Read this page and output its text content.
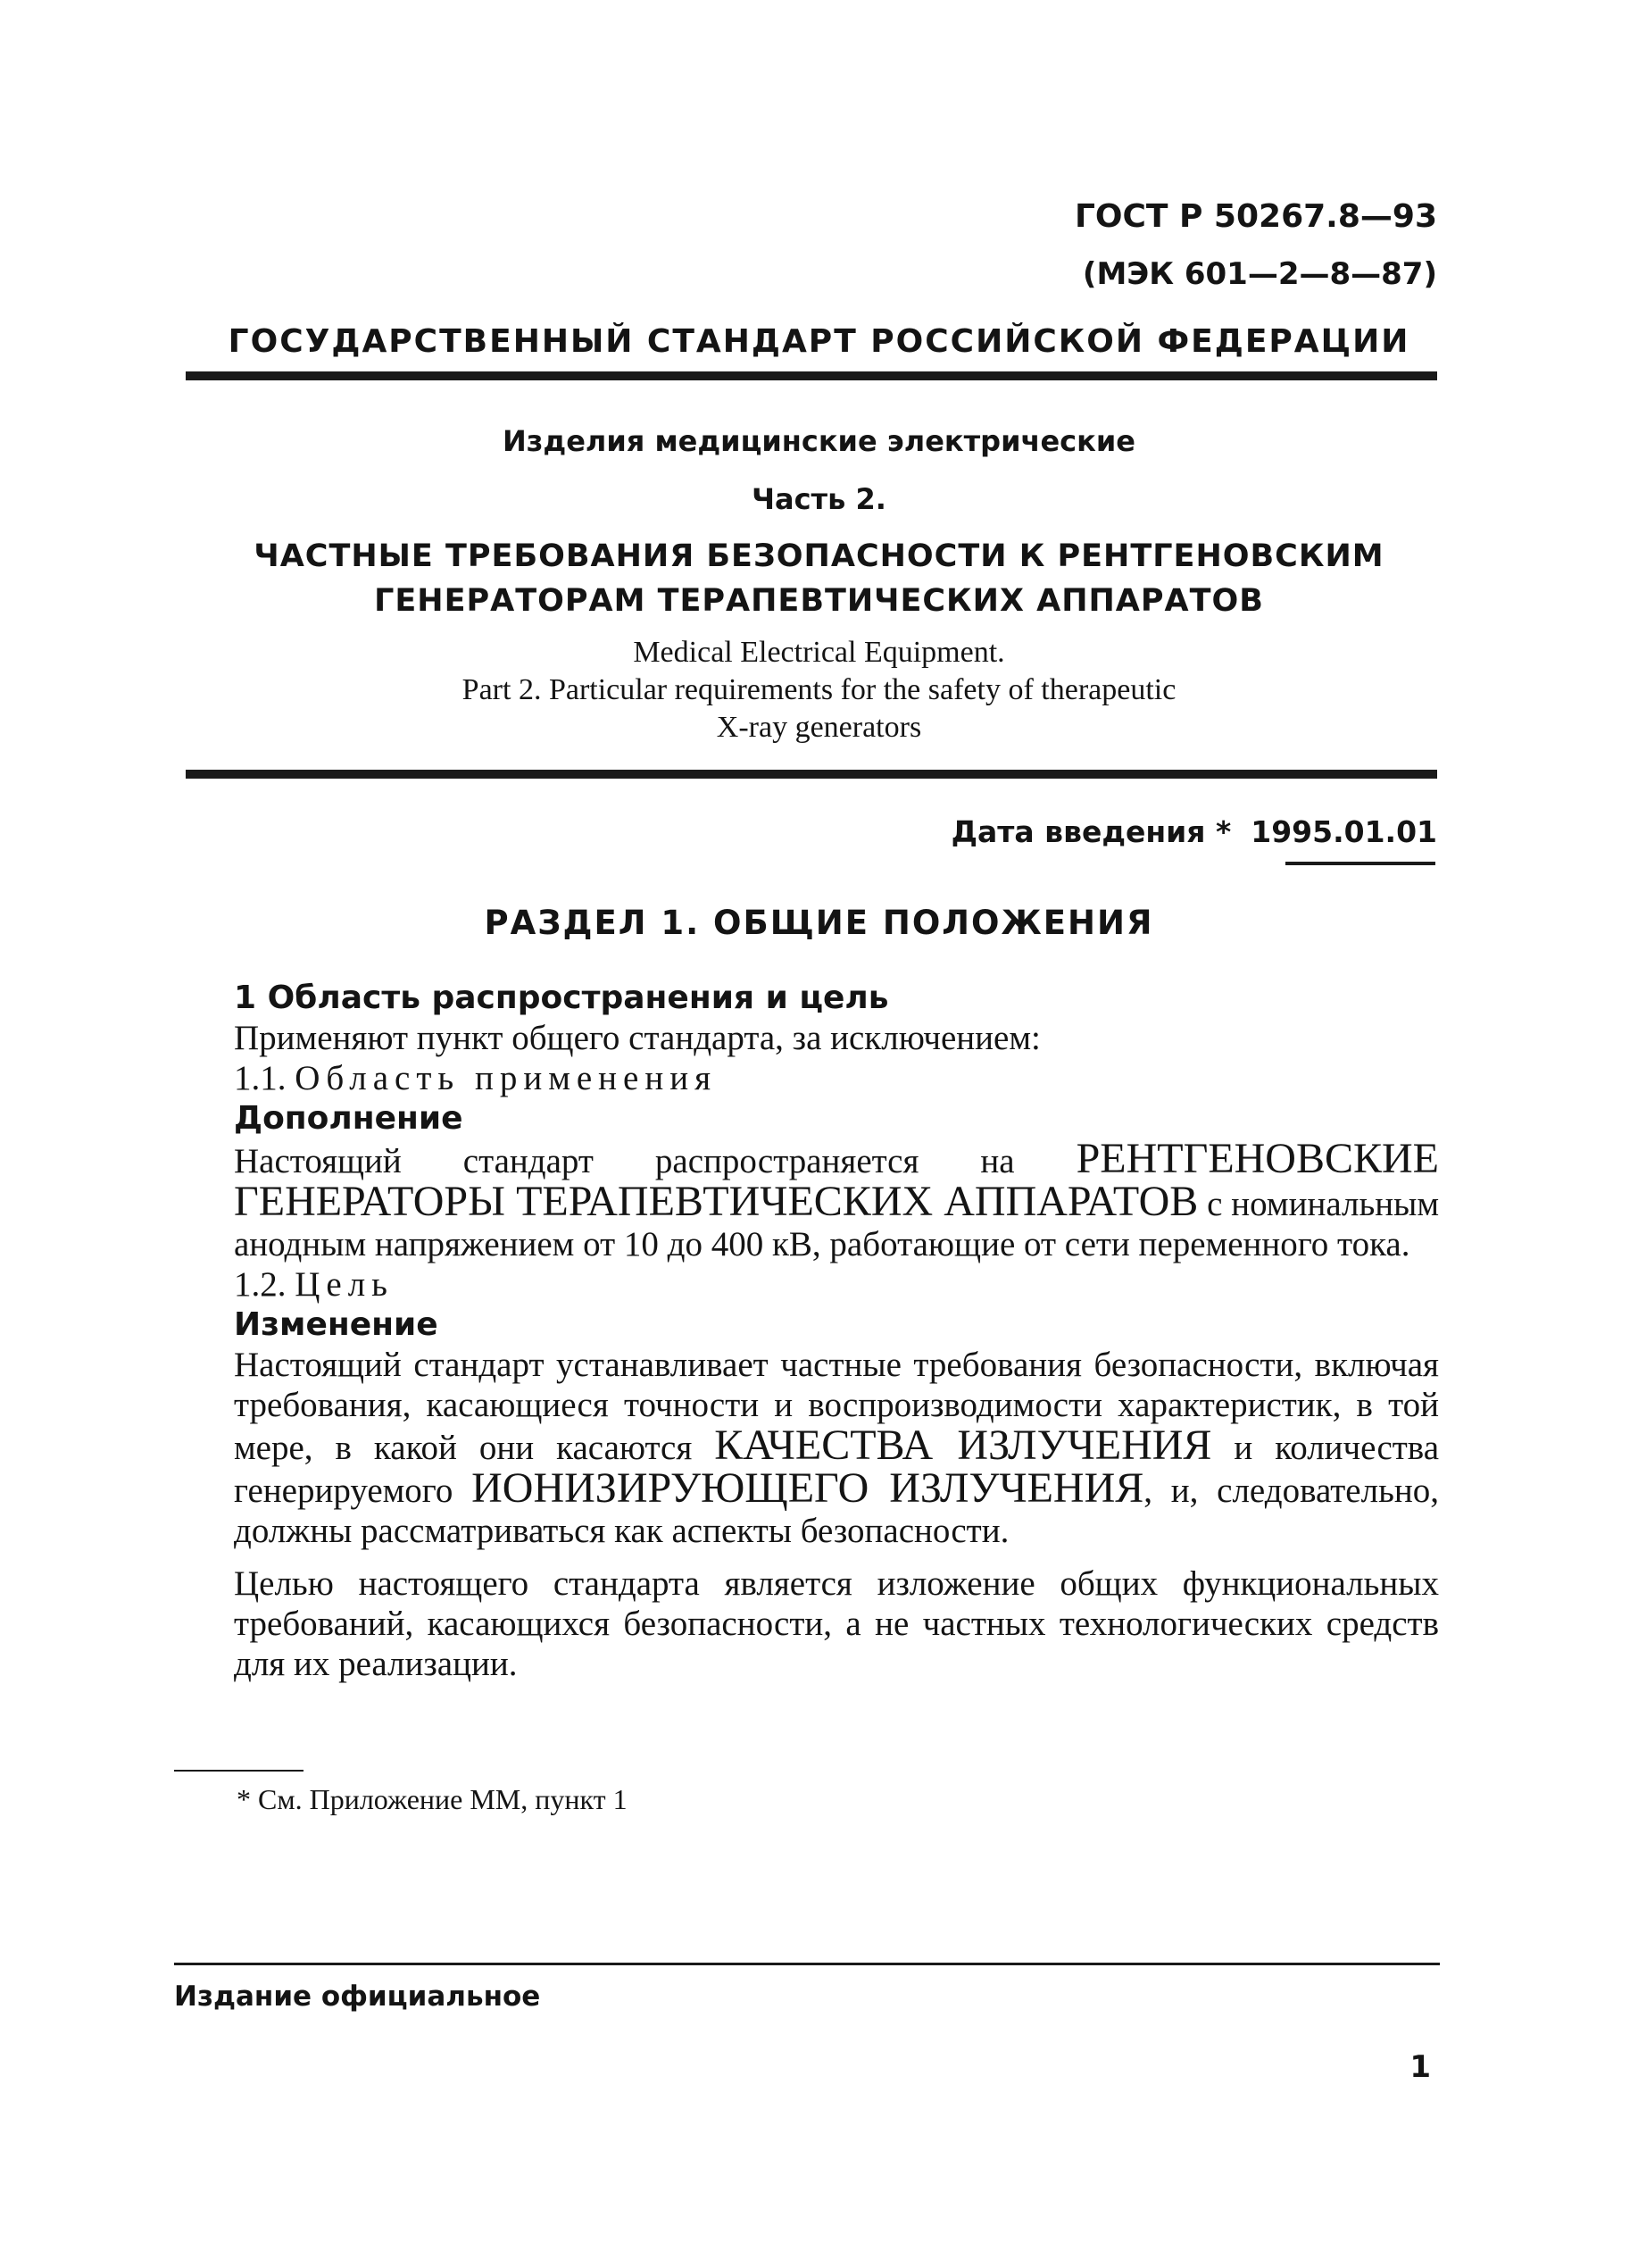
ГОСТ Р 50267.8—93
(МЭК 601—2—8—87)
ГОСУДАРСТВЕННЫЙ СТАНДАРТ РОССИЙСКОЙ ФЕДЕРАЦИИ
Изделия медицинские электрические
Часть 2.
ЧАСТНЫЕ ТРЕБОВАНИЯ БЕЗОПАСНОСТИ К РЕНТГЕНОВСКИМ
ГЕНЕРАТОРАМ ТЕРАПЕВТИЧЕСКИХ АППАРАТОВ
Medical Electrical Equipment.
Part 2. Particular requirements for the safety of therapeutic
X-ray generators
Дата введения * 1995.01.01
РАЗДЕЛ 1. ОБЩИЕ ПОЛОЖЕНИЯ

1 Область распространения и цель

Применяют пункт общего стандарта, за исключением:

1.1. Область применения

Дополнение

Настоящий стандарт распространяется на РЕНТГЕНОВСКИЕ ГЕНЕРАТОРЫ ТЕРАПЕВТИЧЕСКИХ АППАРАТОВ с номинальным анодным напряжением от 10 до 400 кВ, работающие от сети переменного тока.

1.2. Цель

Изменение

Настоящий стандарт устанавливает частные требования безопасности, включая требования, касающиеся точности и воспроизводимости характеристик, в той мере, в какой они касаются КАЧЕСТВА ИЗЛУЧЕНИЯ и количества генерируемого ИОНИЗИРУЮЩЕГО ИЗЛУЧЕНИЯ, и, следовательно, должны рассматриваться как аспекты безопасности.

Целью настоящего стандарта является изложение общих функциональных требований, касающихся безопасности, а не частных технологических средств для их реализации.

* См. Приложение ММ, пункт 1
Издание официальное
1
